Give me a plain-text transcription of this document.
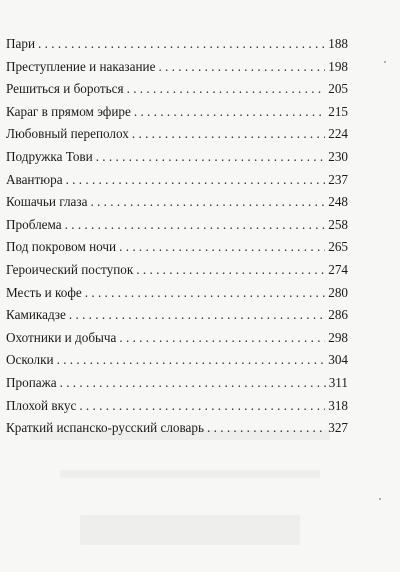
Пари . . .	188
Преступление и наказание . . .	198
Решиться и бороться . . .	205
Караг в прямом эфире . . .	215
Любовный переполох . . .	224
Подружка Тови . . .	230
Авантюра . . .	237
Кошачьи глаза . . .	248
Проблема . . .	258
Под покровом ночи . . .	265
Героический поступок . . .	274
Месть и кофе . . .	280
Камикадзе . . .	286
Охотники и добыча . . .	298
Осколки . . .	304
Пропажа . . .	311
Плохой вкус . . .	318
Краткий испанско-русский словарь . . .	327
